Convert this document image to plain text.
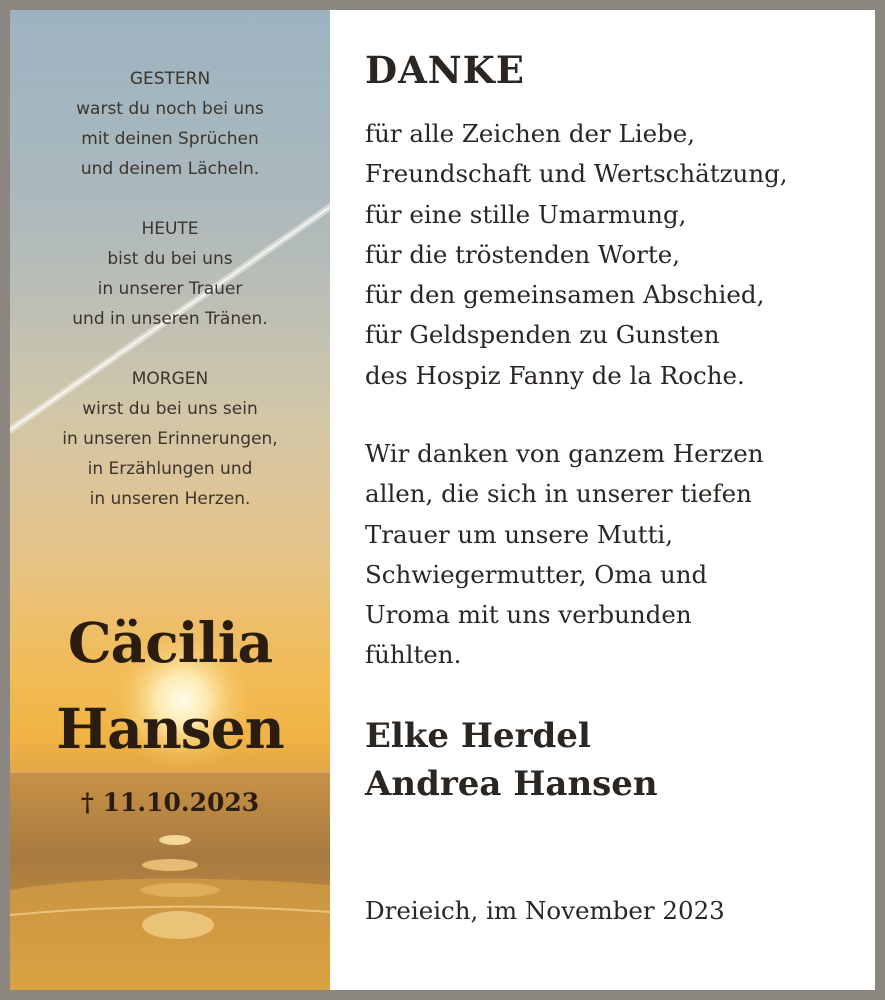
GESTERN
warst du noch bei uns
mit deinen Sprüchen
und deinem Lächeln.
HEUTE
bist du bei uns
in unserer Trauer
und in unseren Tränen.
MORGEN
wirst du bei uns sein
in unseren Erinnerungen,
in Erzählungen und
in unseren Herzen.
Cäcilia
Hansen
† 11.10.2023
DANKE
für alle Zeichen der Liebe,
Freundschaft und Wertschätzung,
für eine stille Umarmung,
für die tröstenden Worte,
für den gemeinsamen Abschied,
für Geldspenden zu Gunsten
des Hospiz Fanny de la Roche.
Wir danken von ganzem Herzen
allen, die sich in unserer tiefen
Trauer um unsere Mutti,
Schwiegermutter, Oma und
Uroma mit uns verbunden
fühlten.
Elke Herdel
Andrea Hansen
Dreieich, im November 2023
